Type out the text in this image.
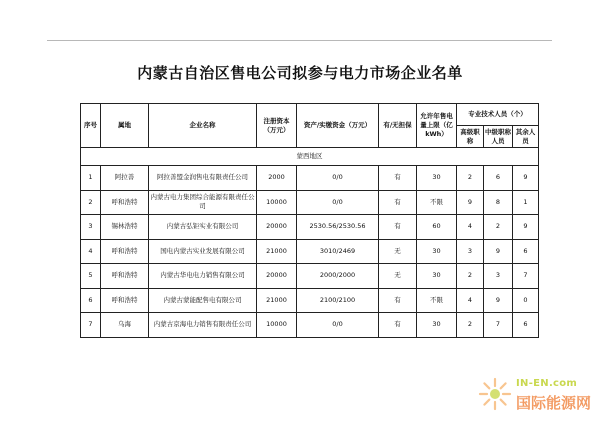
内蒙古自治区售电公司拟参与电力市场企业名单
序号	属地	企业名称	注册资本（万元）	资产/实缴资金（万元）	有/无担保	允许年售电量上限（亿kWh）	专业技术人员（个）		
							高级职称	中级职称人员	其余人员
蒙西地区									
1	阿拉善	阿拉善盟金润售电有限责任公司	2000	0/0	有	30	2	6	9
2	呼和浩特	内蒙古电力集团综合能源有限责任公司	10000	0/0	有	不限	9	8	1
3	锡林浩特	内蒙古弘钜实业有限公司	20000	2530.56/2530.56	有	60	4	2	9
4	呼和浩特	国电内蒙古实业发展有限公司	21000	3010/2469	无	30	3	9	6
5	呼和浩特	内蒙古华电电力销售有限公司	20000	2000/2000	无	30	2	3	7
6	呼和浩特	内蒙古蒙能配售电有限公司	21000	2100/2100	有	不限	4	9	0
7	乌海	内蒙古京海电力销售有限责任公司	10000	0/0	有	30	2	7	6
IN-EN.com
国际能源网
